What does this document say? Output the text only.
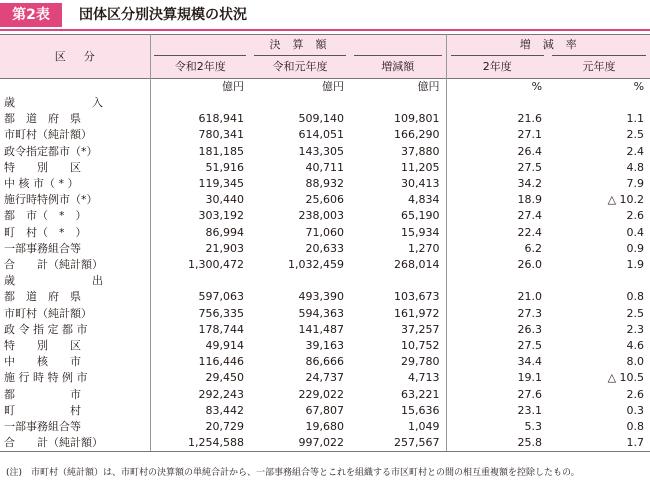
第2表	団体区分別決算規模の状況
区分	決算額			増減率	
	令和2年度	令和元年度	増減額	2年度	元年度
	億円	億円	億円	%	%
歳　　　　　　　入					
都　道　府　県	618,941	509,140	109,801	21.6	1.1
市町村（純計額）	780,341	614,051	166,290	27.1	2.5
政令指定都市（*）	181,185	143,305	37,880	26.4	2.4
特　　別　　区	51,916	40,711	11,205	27.5	4.8
中 核 市（ * ）	119,345	88,932	30,413	34.2	7.9
施行時特例市（*）	30,440	25,606	4,834	18.9	△ 10.2
都　市（　*　）	303,192	238,003	65,190	27.4	2.6
町　村（　*　）	86,994	71,060	15,934	22.4	0.4
一部事務組合等	21,903	20,633	1,270	6.2	0.9
合　　計（純計額）	1,300,472	1,032,459	268,014	26.0	1.9
歳　　　　　　　出					
都　道　府　県	597,063	493,390	103,673	21.0	0.8
市町村（純計額）	756,335	594,363	161,972	27.3	2.5
政 令 指 定 都 市	178,744	141,487	37,257	26.3	2.3
特　　別　　区	49,914	39,163	10,752	27.5	4.6
中　　核　　市	116,446	86,666	29,780	34.4	8.0
施 行 時 特 例 市	29,450	24,737	4,713	19.1	△ 10.5
都　　　　　市	292,243	229,022	63,221	27.6	2.6
町　　　　　村	83,442	67,807	15,636	23.1	0.3
一部事務組合等	20,729	19,680	1,049	5.3	0.8
合　　計（純計額）	1,254,588	997,022	257,567	25.8	1.7
(注)　市町村（純計額）は、市町村の決算額の単純合計から、一部事務組合等とこれを組織する市区町村との間の相互重複額を控除したもの。
